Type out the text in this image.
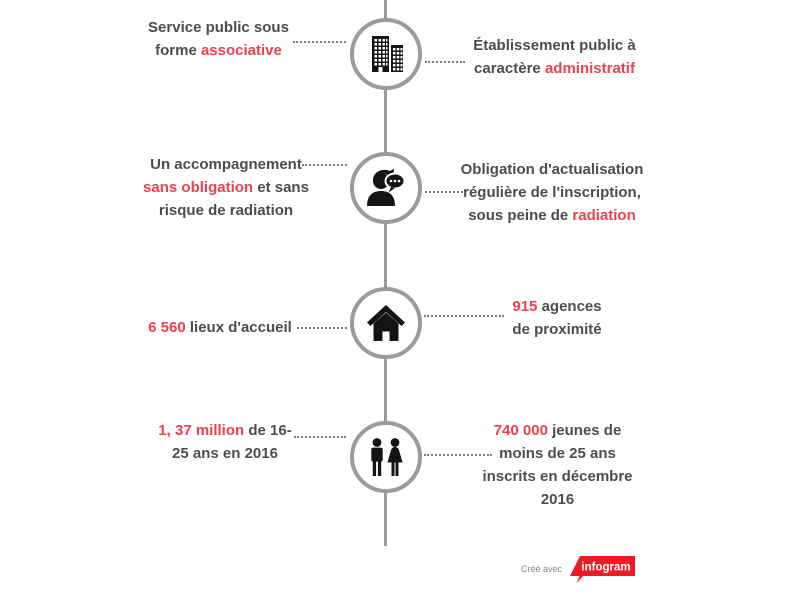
Service public sous forme associative	Établissement public à caractère administratif
Un accompagnement sans obligation et sans risque de radiation
Obligation d'actualisation régulière de l'inscription, sous peine de radiation
6 560 lieux d'accueil
915 agences de proximité
1, 37 million de 16-25 ans en 2016
740 000 jeunes de moins de 25 ans inscrits en décembre 2016
Créé avec infogram
